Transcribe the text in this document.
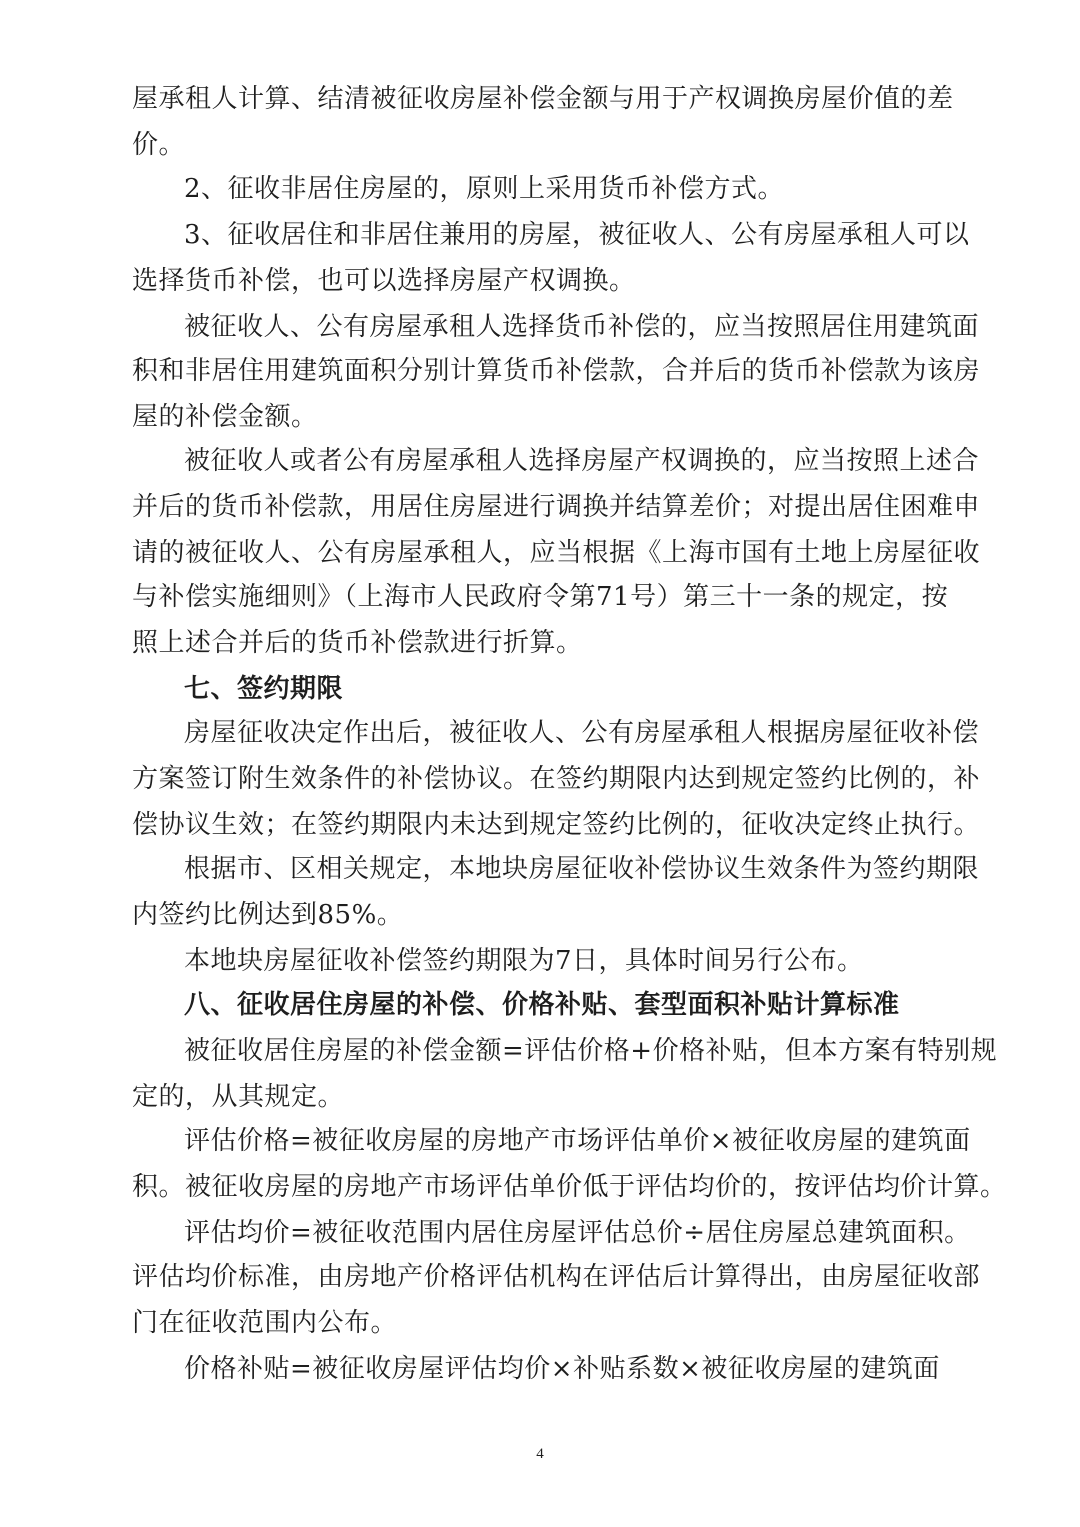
屋承租人计算、结清被征收房屋补偿金额与用于产权调换房屋价值的差
价。
2、征收非居住房屋的，原则上采用货币补偿方式。
3、征收居住和非居住兼用的房屋，被征收人、公有房屋承租人可以
选择货币补偿，也可以选择房屋产权调换。
被征收人、公有房屋承租人选择货币补偿的，应当按照居住用建筑面
积和非居住用建筑面积分别计算货币补偿款，合并后的货币补偿款为该房
屋的补偿金额。
被征收人或者公有房屋承租人选择房屋产权调换的，应当按照上述合
并后的货币补偿款，用居住房屋进行调换并结算差价；对提出居住困难申
请的被征收人、公有房屋承租人，应当根据《上海市国有土地上房屋征收
与补偿实施细则》（上海市人民政府令第71号）第三十一条的规定，按
照上述合并后的货币补偿款进行折算。
七、签约期限
房屋征收决定作出后，被征收人、公有房屋承租人根据房屋征收补偿
方案签订附生效条件的补偿协议。在签约期限内达到规定签约比例的，补
偿协议生效；在签约期限内未达到规定签约比例的，征收决定终止执行。
根据市、区相关规定，本地块房屋征收补偿协议生效条件为签约期限
内签约比例达到85%。
本地块房屋征收补偿签约期限为7日，具体时间另行公布。
八、征收居住房屋的补偿、价格补贴、套型面积补贴计算标准
被征收居住房屋的补偿金额=评估价格+价格补贴，但本方案有特别规
定的，从其规定。
评估价格=被征收房屋的房地产市场评估单价×被征收房屋的建筑面
积。被征收房屋的房地产市场评估单价低于评估均价的，按评估均价计算。
评估均价=被征收范围内居住房屋评估总价÷居住房屋总建筑面积。
评估均价标准，由房地产价格评估机构在评估后计算得出，由房屋征收部
门在征收范围内公布。
价格补贴=被征收房屋评估均价×补贴系数×被征收房屋的建筑面
4
